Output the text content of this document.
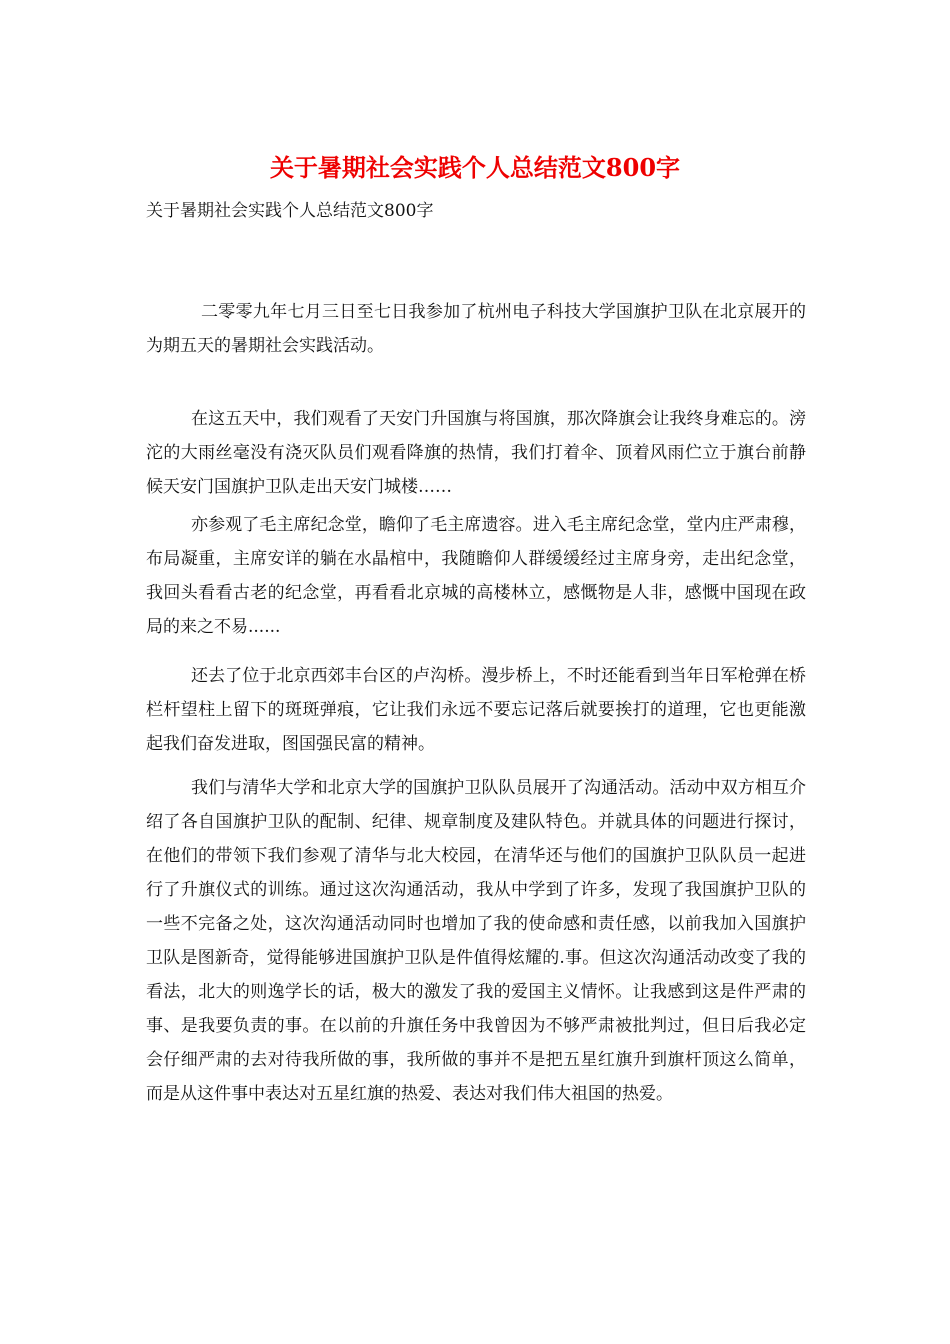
关于暑期社会实践个人总结范文800字
关于暑期社会实践个人总结范文800字

二零零九年七月三日至七日我参加了杭州电子科技大学国旗护卫队在北京展开的为期五天的暑期社会实践活动。

在这五天中，我们观看了天安门升国旗与将国旗，那次降旗会让我终身难忘的。滂沱的大雨丝毫没有浇灭队员们观看降旗的热情，我们打着伞、顶着风雨伫立于旗台前静候天安门国旗护卫队走出天安门城楼……

亦参观了毛主席纪念堂，瞻仰了毛主席遗容。进入毛主席纪念堂，堂内庄严肃穆，布局凝重，主席安详的躺在水晶棺中，我随瞻仰人群缓缓经过主席身旁，走出纪念堂，我回头看看古老的纪念堂，再看看北京城的高楼林立，感慨物是人非，感慨中国现在政局的来之不易......

还去了位于北京西郊丰台区的卢沟桥。漫步桥上，不时还能看到当年日军枪弹在桥栏杆望柱上留下的斑斑弹痕，它让我们永远不要忘记落后就要挨打的道理，它也更能激起我们奋发进取，图国强民富的精神。

我们与清华大学和北京大学的国旗护卫队队员展开了沟通活动。活动中双方相互介绍了各自国旗护卫队的配制、纪律、规章制度及建队特色。并就具体的问题进行探讨，在他们的带领下我们参观了清华与北大校园，在清华还与他们的国旗护卫队队员一起进行了升旗仪式的训练。通过这次沟通活动，我从中学到了许多，发现了我国旗护卫队的一些不完备之处，这次沟通活动同时也增加了我的使命感和责任感，以前我加入国旗护卫队是图新奇，觉得能够进国旗护卫队是件值得炫耀的.事。但这次沟通活动改变了我的看法，北大的则逸学长的话，极大的激发了我的爱国主义情怀。让我感到这是件严肃的事、是我要负责的事。在以前的升旗任务中我曾因为不够严肃被批判过，但日后我必定会仔细严肃的去对待我所做的事，我所做的事并不是把五星红旗升到旗杆顶这么简单，而是从这件事中表达对五星红旗的热爱、表达对我们伟大祖国的热爱。
